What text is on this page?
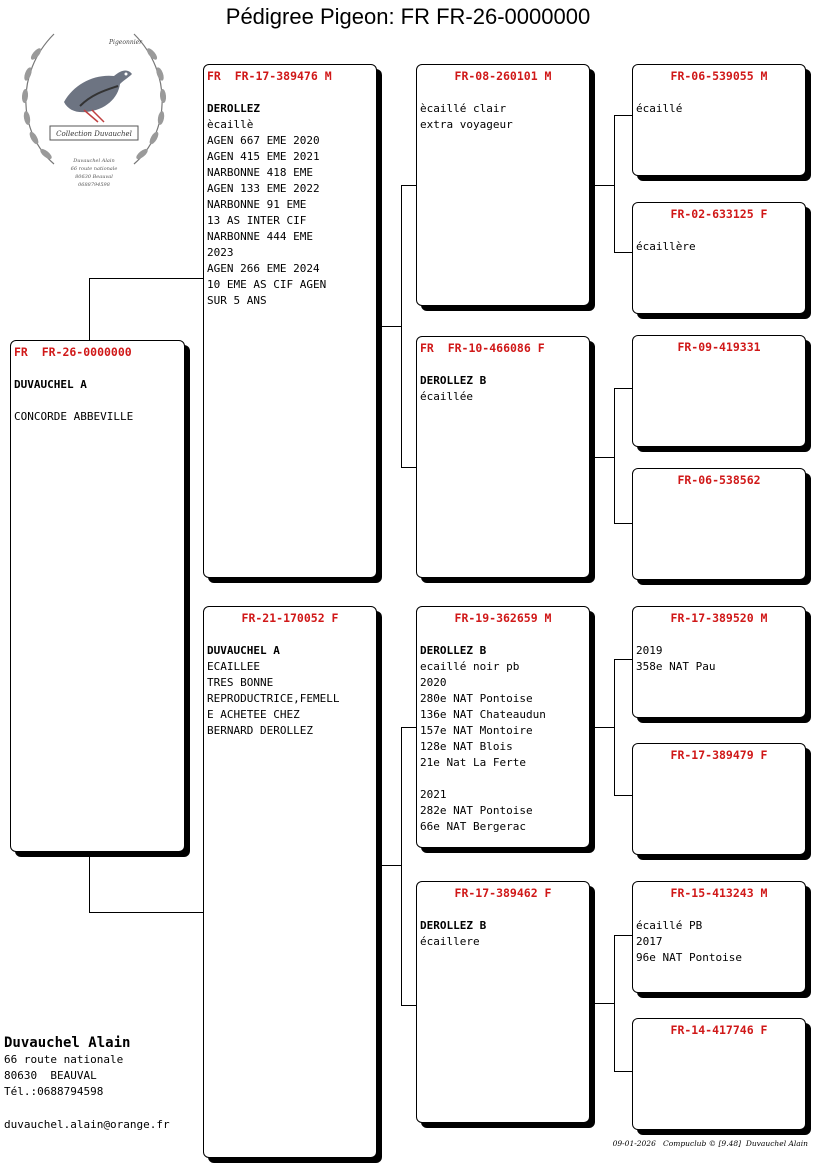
Pédigree Pigeon: FR FR-26-0000000
Pigeonnier
Collection Duvauchel
Duvauchel Alain
66 route nationale
80630 Beauval
0688794598
FR  FR-26-0000000
DUVAUCHEL A
CONCORDE ABBEVILLE
FR  FR-17-389476 M
DEROLLEZ
ècaillè
AGEN 667 EME 2020
AGEN 415 EME 2021
NARBONNE 418 EME
AGEN 133 EME 2022
NARBONNE 91 EME
13 AS INTER CIF
NARBONNE 444 EME
2023
AGEN 266 EME 2024
10 EME AS CIF AGEN
SUR 5 ANS
FR-21-170052 F
DUVAUCHEL A
ECAILLEE
TRES BONNE
REPRODUCTRICE,FEMELL
E ACHETEE CHEZ
BERNARD DEROLLEZ
FR-08-260101 M
ècaillé clair
extra voyageur
FR  FR-10-466086 F
DEROLLEZ B
écaillée
FR-19-362659 M
DEROLLEZ B
ecaillé noir pb
2020
280e NAT Pontoise
136e NAT Chateaudun
157e NAT Montoire
128e NAT Blois
21e Nat La Ferte
2021
282e NAT Pontoise
66e NAT Bergerac
FR-17-389462 F
DEROLLEZ B
écaillere
FR-06-539055 M
écaillé
FR-02-633125 F
écaillère
FR-09-419331
FR-06-538562
FR-17-389520 M
2019
358e NAT Pau
FR-17-389479 F
FR-15-413243 M
écaillé PB
2017
96e NAT Pontoise
FR-14-417746 F
Duvauchel Alain
66 route nationale
80630  BEAUVAL
Tél.:0688794598
duvauchel.alain@orange.fr
09-01-2026 Compuclub © [9.48] Duvauchel Alain
